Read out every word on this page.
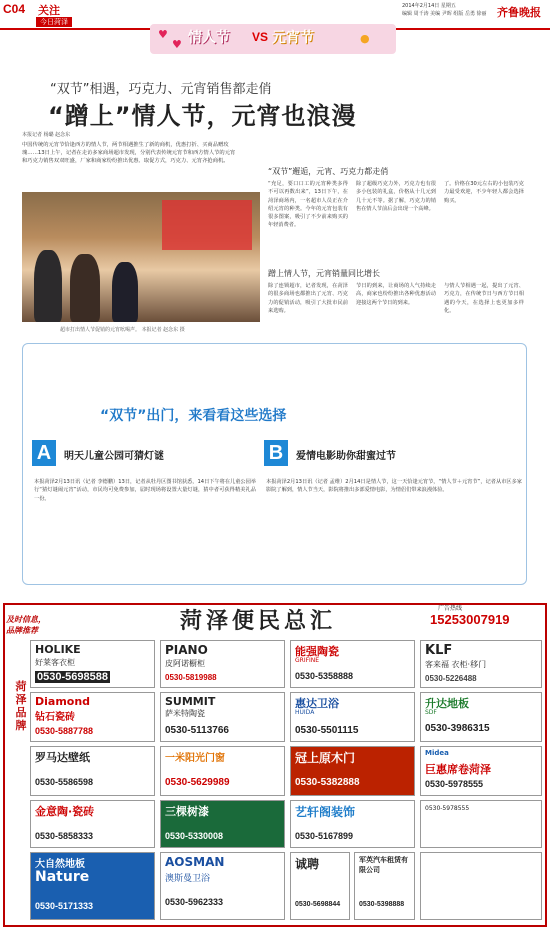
C04 关注
今日菏泽
2014年2月14日 星期五
编辑 周千涛 美编 尹晖 组版 岳勇 徐丽 齐鲁晚报
♥
♥ 情人节 VS 元宵节	●
“双节”相遇，巧克力、元宵销售都走俏
“蹭上”情人节，元宵也浪漫
本报记者 杨璐 赵念东
中国传统的元宵节恰逢西方的情人节，两节相遇推生了新的商机，优惠打折、买商品赠玫瑰……13日上午，记者在走访多家商场超市发现，分别代表传统元宵节和西方情人节的元宵和巧克力销售双双旺盛，厂家和商家纷纷推出优惠、取促方式，巧克力、元宵齐抢商机。
超市打出情人节促销的元宵吆喝声。 本报记者 赵念东 摄
“双节”邂逅，元宵、巧克力都走俏
“充足，要口口工的元宵种类多得不可以再数出来”，13日下午，在菏泽商场内，一名超市人员正在介绍元宵的种类。今年的元宵包装有很多图案，吸引了不少前来购买的年轻消费者。
除了超级巧克力外，巧克力也有很多小包装的礼盒，价格从十几元到几十元不等。据了解，巧克力的销售在情人节前后会出现一个高峰。
了。价格在30元左右的小包装巧克力最受欢迎，不少年轻人都会选择购买。
蹭上情人节，元宵销量同比增长
除了连锁超市，记者发现，在菏泽的很多商场也都推出了元宵、巧克力的促销活动，吸引了大批市民前来选购。
节日的到来，让商场的人气持续走高，商家也纷纷推出各种优惠活动迎接这两个节日的到来。
与情人节相遇一起，提出了元宵、巧克力，在传统节日与西方节日相遇的今天，在选择上也更加多样化。
“双节”出门，来看看这些选择
A	明天儿童公园可猜灯谜
本报菏泽2月13日讯（记者 李德鹏）13日，记者从牡丹区图书馆获悉，14日下午将在儿童公园举行“猜灯谜闹元宵”活动，市民均可免费参加，届时现场将设置大量灯谜，猜中者可获得精美礼品一份。
B	爱情电影助你甜蜜过节
本报菏泽2月13日讯（记者 孟维）2月14日是情人节，这一天恰逢元宵节，“情人节＋元宵节”，记者从市区多家影院了解到，情人节当天，影院将推出多部爱情电影，为情侣们带来浪漫体验。
及时信息，品牌推荐	菏泽便民总汇	广告热线
15253007919
菏泽品牌
HOLIKE
好莱客衣柜
0530-5698588
PIANO
皮阿诺橱柜
0530-5819988
能强陶瓷
GRIFINE
0530-5358888
KLF
客来福 衣柜·移门
0530-5226488
Diamond
钻石瓷砖
0530-5887788
SUMMIT
萨米特陶瓷
0530-5113766
惠达卫浴
HUIDA
0530-5501115
升达地板
SDF
0530-3986315
罗马达壁纸
0530-5586598
一米阳光门窗
0530-5629989
冠上原木门
0530-5382888
Midea
巨惠席卷菏泽
0530-5978555
金意陶·瓷砖
0530-5858333
三棵树漆
0530-5330008
艺轩阁装饰
0530-5167899
0530-5978555
大自然地板
Nature
0530-5171333
AOSMAN
澳斯曼卫浴
0530-5962333
诚聘
0530-5698844
军英汽车租赁有限公司
0530-5398888
